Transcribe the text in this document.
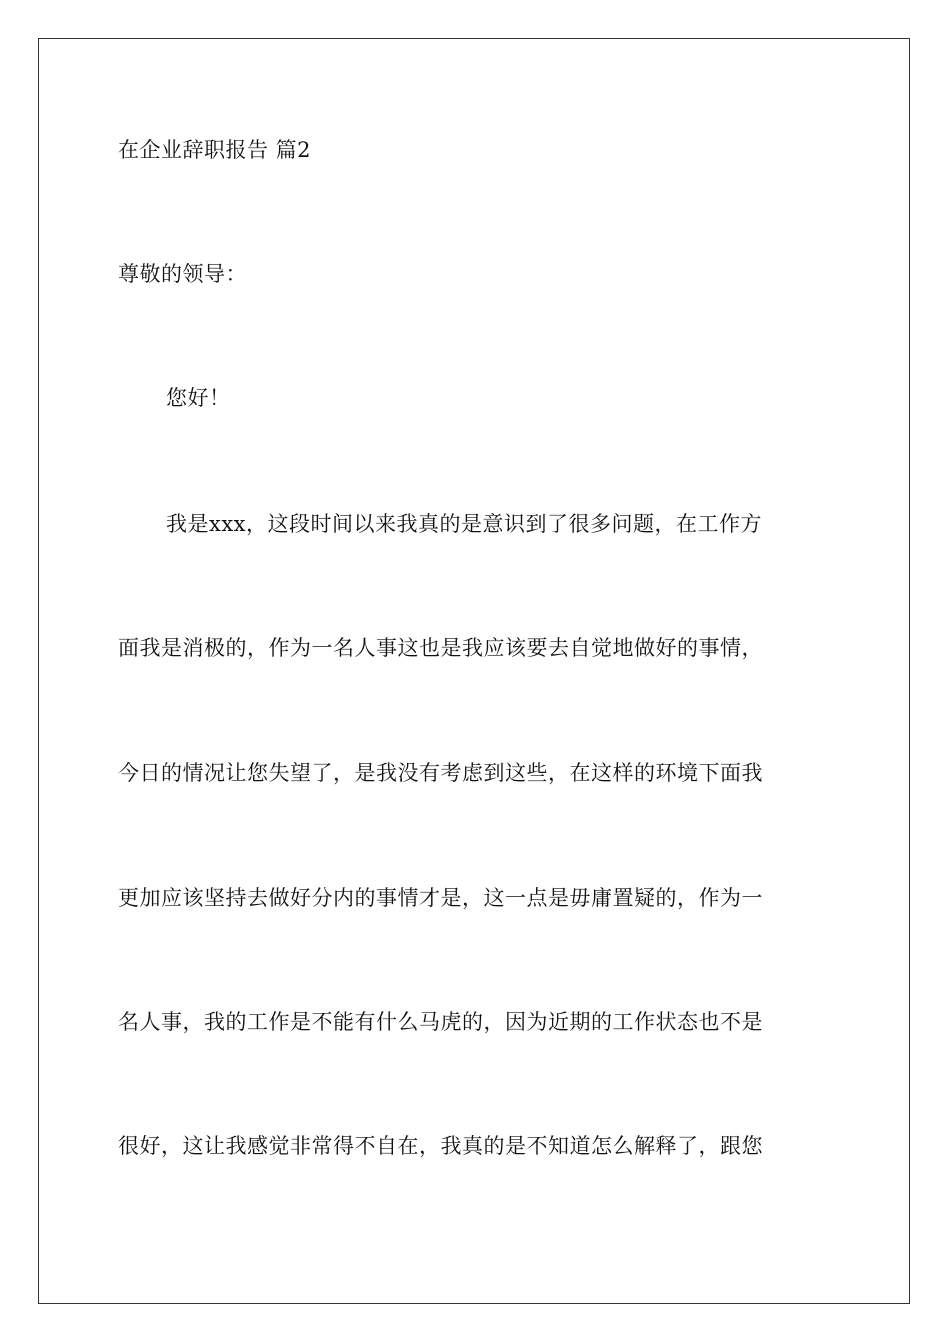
在企业辞职报告 篇2
尊敬的领导：
您好！
我是xxx，这段时间以来我真的是意识到了很多问题，在工作方
面我是消极的，作为一名人事这也是我应该要去自觉地做好的事情，
今日的情况让您失望了，是我没有考虑到这些，在这样的环境下面我
更加应该坚持去做好分内的事情才是，这一点是毋庸置疑的，作为一
名人事，我的工作是不能有什么马虎的，因为近期的工作状态也不是
很好，这让我感觉非常得不自在，我真的是不知道怎么解释了，跟您
